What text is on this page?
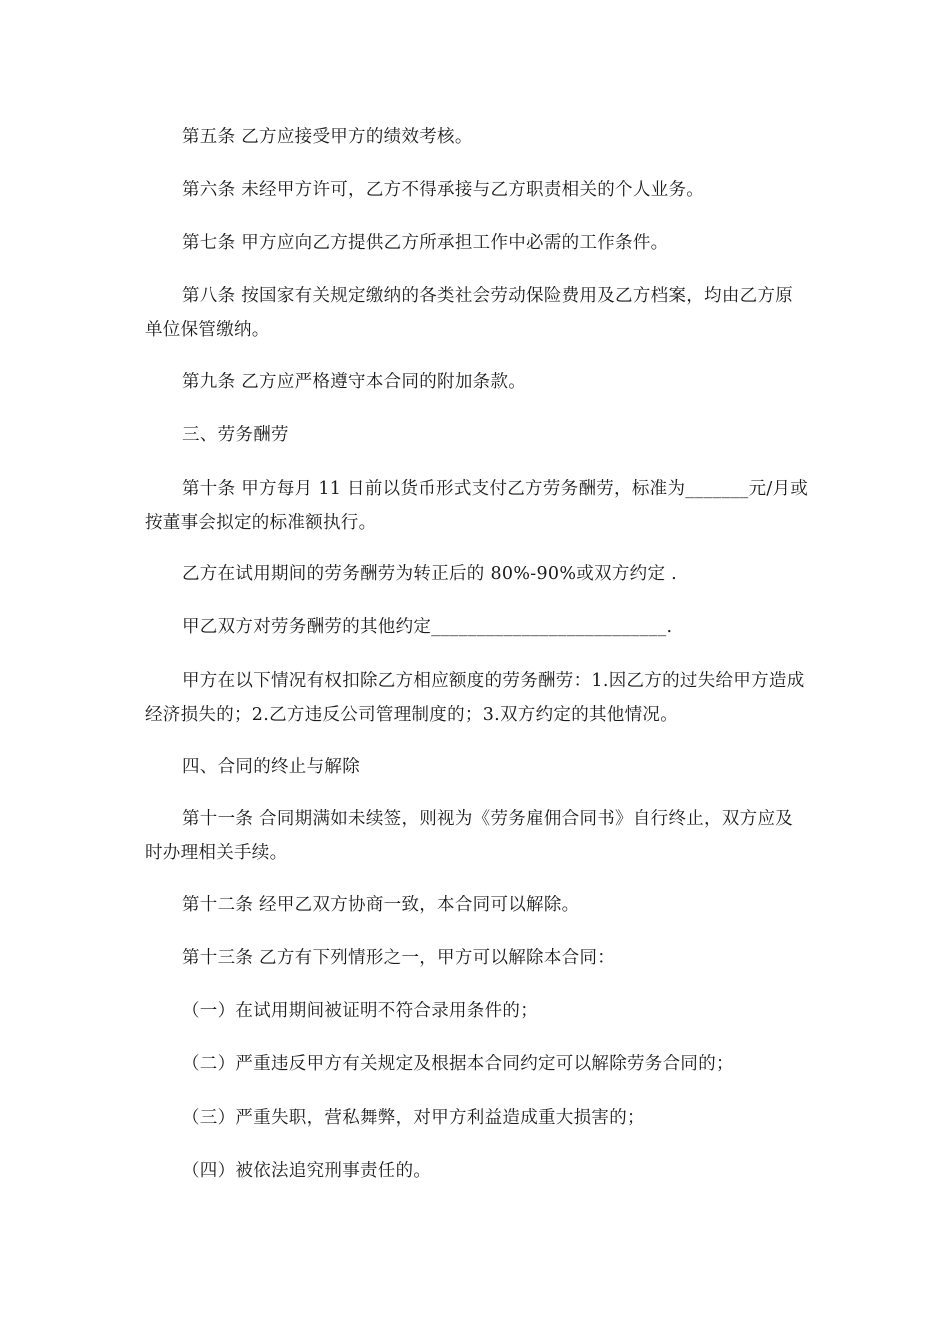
第五条 乙方应接受甲方的绩效考核。

第六条 未经甲方许可，乙方不得承接与乙方职责相关的个人业务。

第七条 甲方应向乙方提供乙方所承担工作中必需的工作条件。

第八条 按国家有关规定缴纳的各类社会劳动保险费用及乙方档案，均由乙方原单位保管缴纳。

第九条 乙方应严格遵守本合同的附加条款。

三、劳务酬劳

第十条 甲方每月 11 日前以货币形式支付乙方劳务酬劳，标准为_______元/月或按董事会拟定的标准额执行。

乙方在试用期间的劳务酬劳为转正后的 80%-90%或双方约定 .

甲乙双方对劳务酬劳的其他约定__________________________.

甲方在以下情况有权扣除乙方相应额度的劳务酬劳：1.因乙方的过失给甲方造成经济损失的；2.乙方违反公司管理制度的；3.双方约定的其他情况。

四、合同的终止与解除

第十一条 合同期满如未续签，则视为《劳务雇佣合同书》自行终止，双方应及时办理相关手续。

第十二条 经甲乙双方协商一致，本合同可以解除。

第十三条 乙方有下列情形之一，甲方可以解除本合同：

（一）在试用期间被证明不符合录用条件的；

（二）严重违反甲方有关规定及根据本合同约定可以解除劳务合同的；

（三）严重失职，营私舞弊，对甲方利益造成重大损害的；

（四）被依法追究刑事责任的。
